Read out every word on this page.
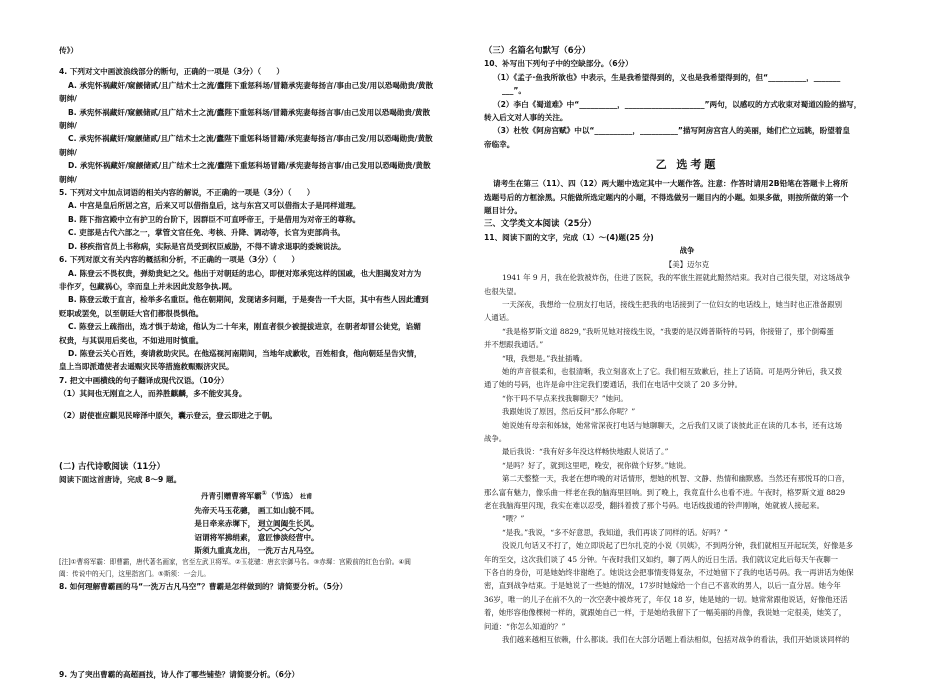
传》）
4. 下列对文中画波浪线部分的断句，正确的一项是（3分）（　　）
A. 承宪怀祸藏奸/窥觎储贰/且广结术士之流/蠹陛下重惩科场/冒籍承宪妻每扬言/事由己发/用以恐喝勋贵/黄散
朝绅/
B. 承宪怀祸藏奸/窥觎储贰/且广结术士之流/蠹陛下重惩科场/冒籍承宪妻每扬言事/由己发用以恐喝勋贵/黄散
朝绅/
C. 承宪怀祸藏奸/窥觎储贰/且广结术士之流/蠹陛下重惩科场冒籍/承宪妻每扬言/事由己发/用以恐喝勋贵/黄散
朝绅/
D. 承宪怀祸藏奸/窥觎储贰/且广结术士之流/蠹陛下重惩科场冒籍/承宪妻每扬言事/由己发用以恐喝勋贵/黄散
朝绅/
5. 下列对文中加点词语的相关内容的解说，不正确的一项是（3分）（　　）
A. 中宫是皇后所居之宫，后来又可以借指皇后，这与东宫又可以借指太子是同样道理。
B. 陛下指宫殿中立有护卫的台阶下，因群臣不可直呼帝王，于是借用为对帝王的尊称。
C. 吏部是古代六部之一，掌管文官任免、考核、升降、调动等，长官为吏部尚书。
D. 移疾指官员上书称病，实际是官员受到权臣威胁，不得不请求退职的委婉说法。
6. 下列对原文有关内容的概括和分析，不正确的一项是（3分）（　　）
A. 陈登云不畏权贵，弹劾贵妃之父。他出于对朝廷的忠心，即便对郑承宪这样的国戚，也大胆揭发对方为
非作歹，包藏祸心，幸而皇上并未因此发怒争执.网。
B. 陈登云敢于直言，检举多名重臣。他在朝期间，发现诸多问题，于是奏告一千大臣，其中有些人因此遭到
贬职或罢免，以至朝廷大官们都很畏惧他。
C. 陈登云上疏指出，选才惧于劫途，他认为二十年来，刚直者很少被提拔进京，在朝者却冒公徒党，谄媚
权贵，与其误用后奖也，不如进用时慎重。
D. 陈登云关心百姓，奏请救助灾民。在他巡视河南期间，当地年成歉收，百姓相食，他向朝廷呈告灾情，
皇上当即派遣使者去遥赈灾民等措施救赈赈济灾民。
7. 把文中画横线的句子翻译成现代汉语。（10分）
（1）其间也无刚直之人，而养胜麒麟，多不能安其身。
（2）尉使崔应麒见民啼泽中原矢，囊示登云，登云即进之于朝。
(二) 古代诗歌阅读（11分）
阅读下面这首唐诗，完成 8～9 题。
丹青引赠曹将军霸①（节选） 杜甫
先帝天马玉花骢， 画工如山貌不同。
是日牵来赤墀下， 迥立阊阖生长风。
诏谓将军拂绢素， 意匠惨淡经营中。
斯须九重真龙出， 一洗万古凡马空。
[注]①曹将军霸：即曹霸，唐代著名画家，官至左武卫将军。②玉花骢：唐玄宗御马名。③赤墀：宫殿前的红色台阶。④阊
阖：传说中的天门，这里指宫门。⑤斯须：一会儿。
8. 如何理解曹霸画的马“一洗万古凡马空”？曹霸是怎样做到的？请简要分析。（5分）
9. 为了突出曹霸的高超画技，诗人作了哪些铺垫？请简要分析。（6分）
（三）名篇名句默写（6分）
10、补写出下列句子中的空缺部分。（6分）
（1）《孟子·鱼我所欲也》中表示，生是我希望得到的，义也是我希望得到的，但“__________，_______
___”。
（2）李白《蜀道难》中“__________，_____________________”两句，以感叹的方式收束对蜀道凶险的描写，
转入后文对人事的关注。
（3）杜牧《阿房宫赋》中以“__________，__________”描写阿房宫宫人的美丽，她们伫立远眺，盼望着皇
帝临幸。
乙 选考题
请考生在第三（11）、四（12）两大题中选定其中一大题作答。注意：作答时请用2B铅笔在答题卡上将所
选题号后的方框涂黑。只能做所选定题内的小题，不得选做另一题目内的小题。如果多做，则按所做的第一个
题目计分。
三、文学类文本阅读（25分）
11、阅读下面的文字，完成（1）～(4)题(25 分)
战争
【美】迈尔克
1941 年 9 月，我在伦敦被炸伤，住进了医院，我的军旅生涯就此黯然结束。我对自己很失望，对这场战争
也很失望。
一天深夜，我想给一位朋友打电话，接线生把我的电话接到了一位妇女的电话线上，她当时也正准备跟别
人通话。
“我是格罗斯文道 8829，”我听见她对接线生说，“我要的是汉姆普斯特的号码，你接错了，那个倒霉蛋
并不想跟我通话。”
“哦，我想是。”我扯插嘴。
她的声音很柔和，也很清晰，我立刻喜欢上了它。我们相互致歉后，挂上了话筒。可是两分钟后，我又拨
通了她的号码，也许是命中注定我们要通话，我们在电话中交谈了 20 多分钟。
“你干吗不早点来找我聊聊天？”她问。
我跟她说了原因，然后反问“那么你呢？”
她说她有母亲和姊妹，她常常深夜打电话与她聊聊天，之后我们又谈了谈彼此正在读的几本书，还有这场
战争。
最后我说：“我有好多年没这样畅快地跟人说话了。”
“是吗？好了，就到这里吧，晚安，祝你做个好梦。”她说。
第二天整整一天，我老在想昨晚的对话情形，想她的机智、文静、热情和幽默感。当然还有那悦耳的口音，
那么富有魅力，像乐曲一样老在我的脑海里回响。到了晚上，我竟直什么也看不进。午夜时，格罗斯文道 8829
老在我脑海里闪现，我实在难以忍受，翻抖着拨了那个号码。电话线拔通的铃声刚响，她就被人接起来。
“喂？”
“是我。”我说，“多不好意思，我知道，我们再谈了同样的话。好吗？”
没说几句话又不打了，她立即说起了巴尔扎克的小说《贝姨》，不到两分钟，我们就相互开起玩笑，好像是多
年的至交，这次我们谈了 45 分钟。午夜时我们又如约，聊了两人的近日生活。我们就议定此后每天午夜聊一
下各自的身份，可是她始终非谢绝了。她说这会把事情变得复杂，不过她留下了我的电话号码。我一再讲话为她保
密，直到战争结束。于是她说了一些她的情况，17岁时她嫁给一个自己不喜欢的男人，以后一直分居。她今年
36岁，唯一的儿子在前不久的一次空袭中被炸死了，年仅 18 岁，她是她的一切。她常常跟他说话，好像他还活
着，她形容他像棵树一样的，就跟她自己一样，于是她给我留下了一幅美丽的肖像，我说她一定很美，她笑了，
问道：“你怎么知道的？”
我们越来越相互依赖，什么都谈。我们在大部分话题上看法相似，包括对战争的看法，我们开始谈谈同样的
